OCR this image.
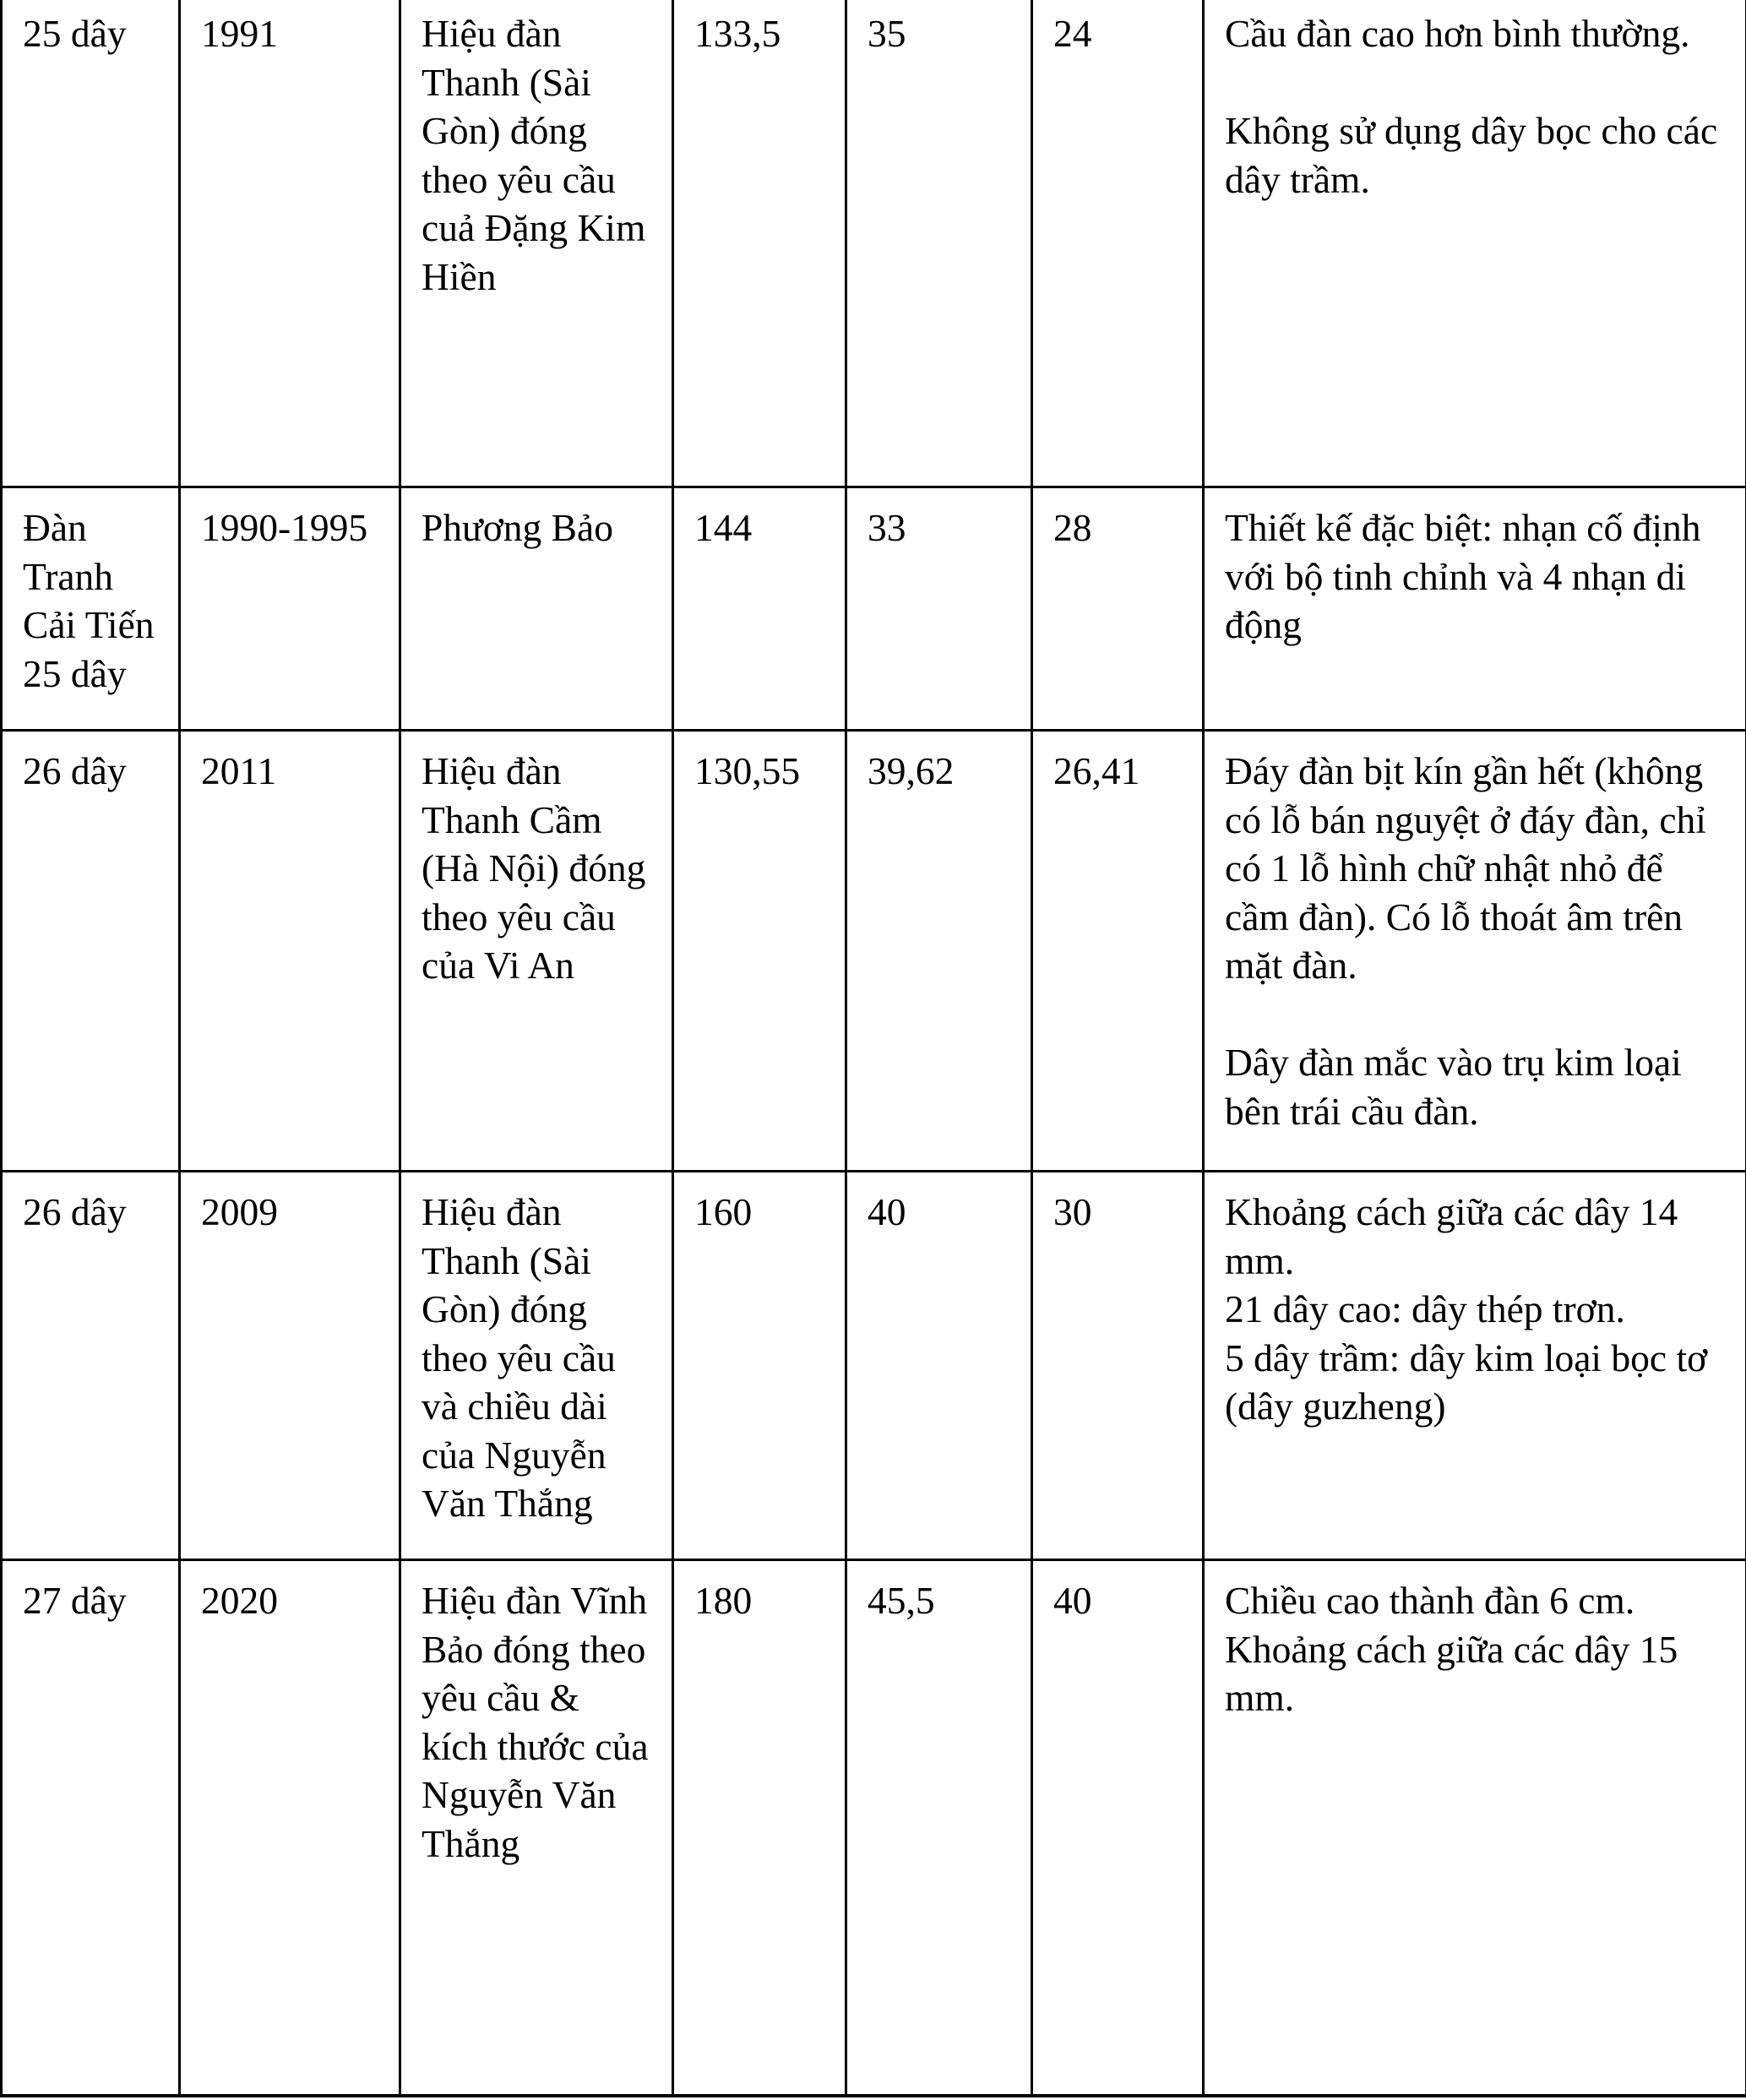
25 dây	1991	Hiệu đàn Thanh (Sài Gòn) đóng theo yêu cầu cuả Đặng Kim Hiền	133,5	35	24	Cầu đàn cao hơn bình thường.
Không sử dụng dây bọc cho các dây trầm.

Đàn Tranh Cải Tiến 25 dây	1990-1995	Phương Bảo	144	33	28	Thiết kế đặc biệt: nhạn cố định với bộ tinh chỉnh và 4 nhạn di động

26 dây	2011	Hiệu đàn Thanh Cầm (Hà Nội) đóng theo yêu cầu của Vi An	130,55	39,62	26,41	Đáy đàn bịt kín gần hết (không có lỗ bán nguyệt ở đáy đàn, chỉ có 1 lỗ hình chữ nhật nhỏ để cầm đàn). Có lỗ thoát âm trên mặt đàn.
Dây đàn mắc vào trụ kim loại bên trái cầu đàn.

26 dây	2009	Hiệu đàn Thanh (Sài Gòn) đóng theo yêu cầu và chiều dài của Nguyễn Văn Thắng	160	40	30	Khoảng cách giữa các dây 14 mm.
21 dây cao: dây thép trơn.
5 dây trầm: dây kim loại bọc tơ (dây guzheng)

27 dây	2020	Hiệu đàn Vĩnh Bảo đóng theo yêu cầu & kích thước của Nguyễn Văn Thắng	180	45,5	40	Chiều cao thành đàn 6 cm.
Khoảng cách giữa các dây 15 mm.
